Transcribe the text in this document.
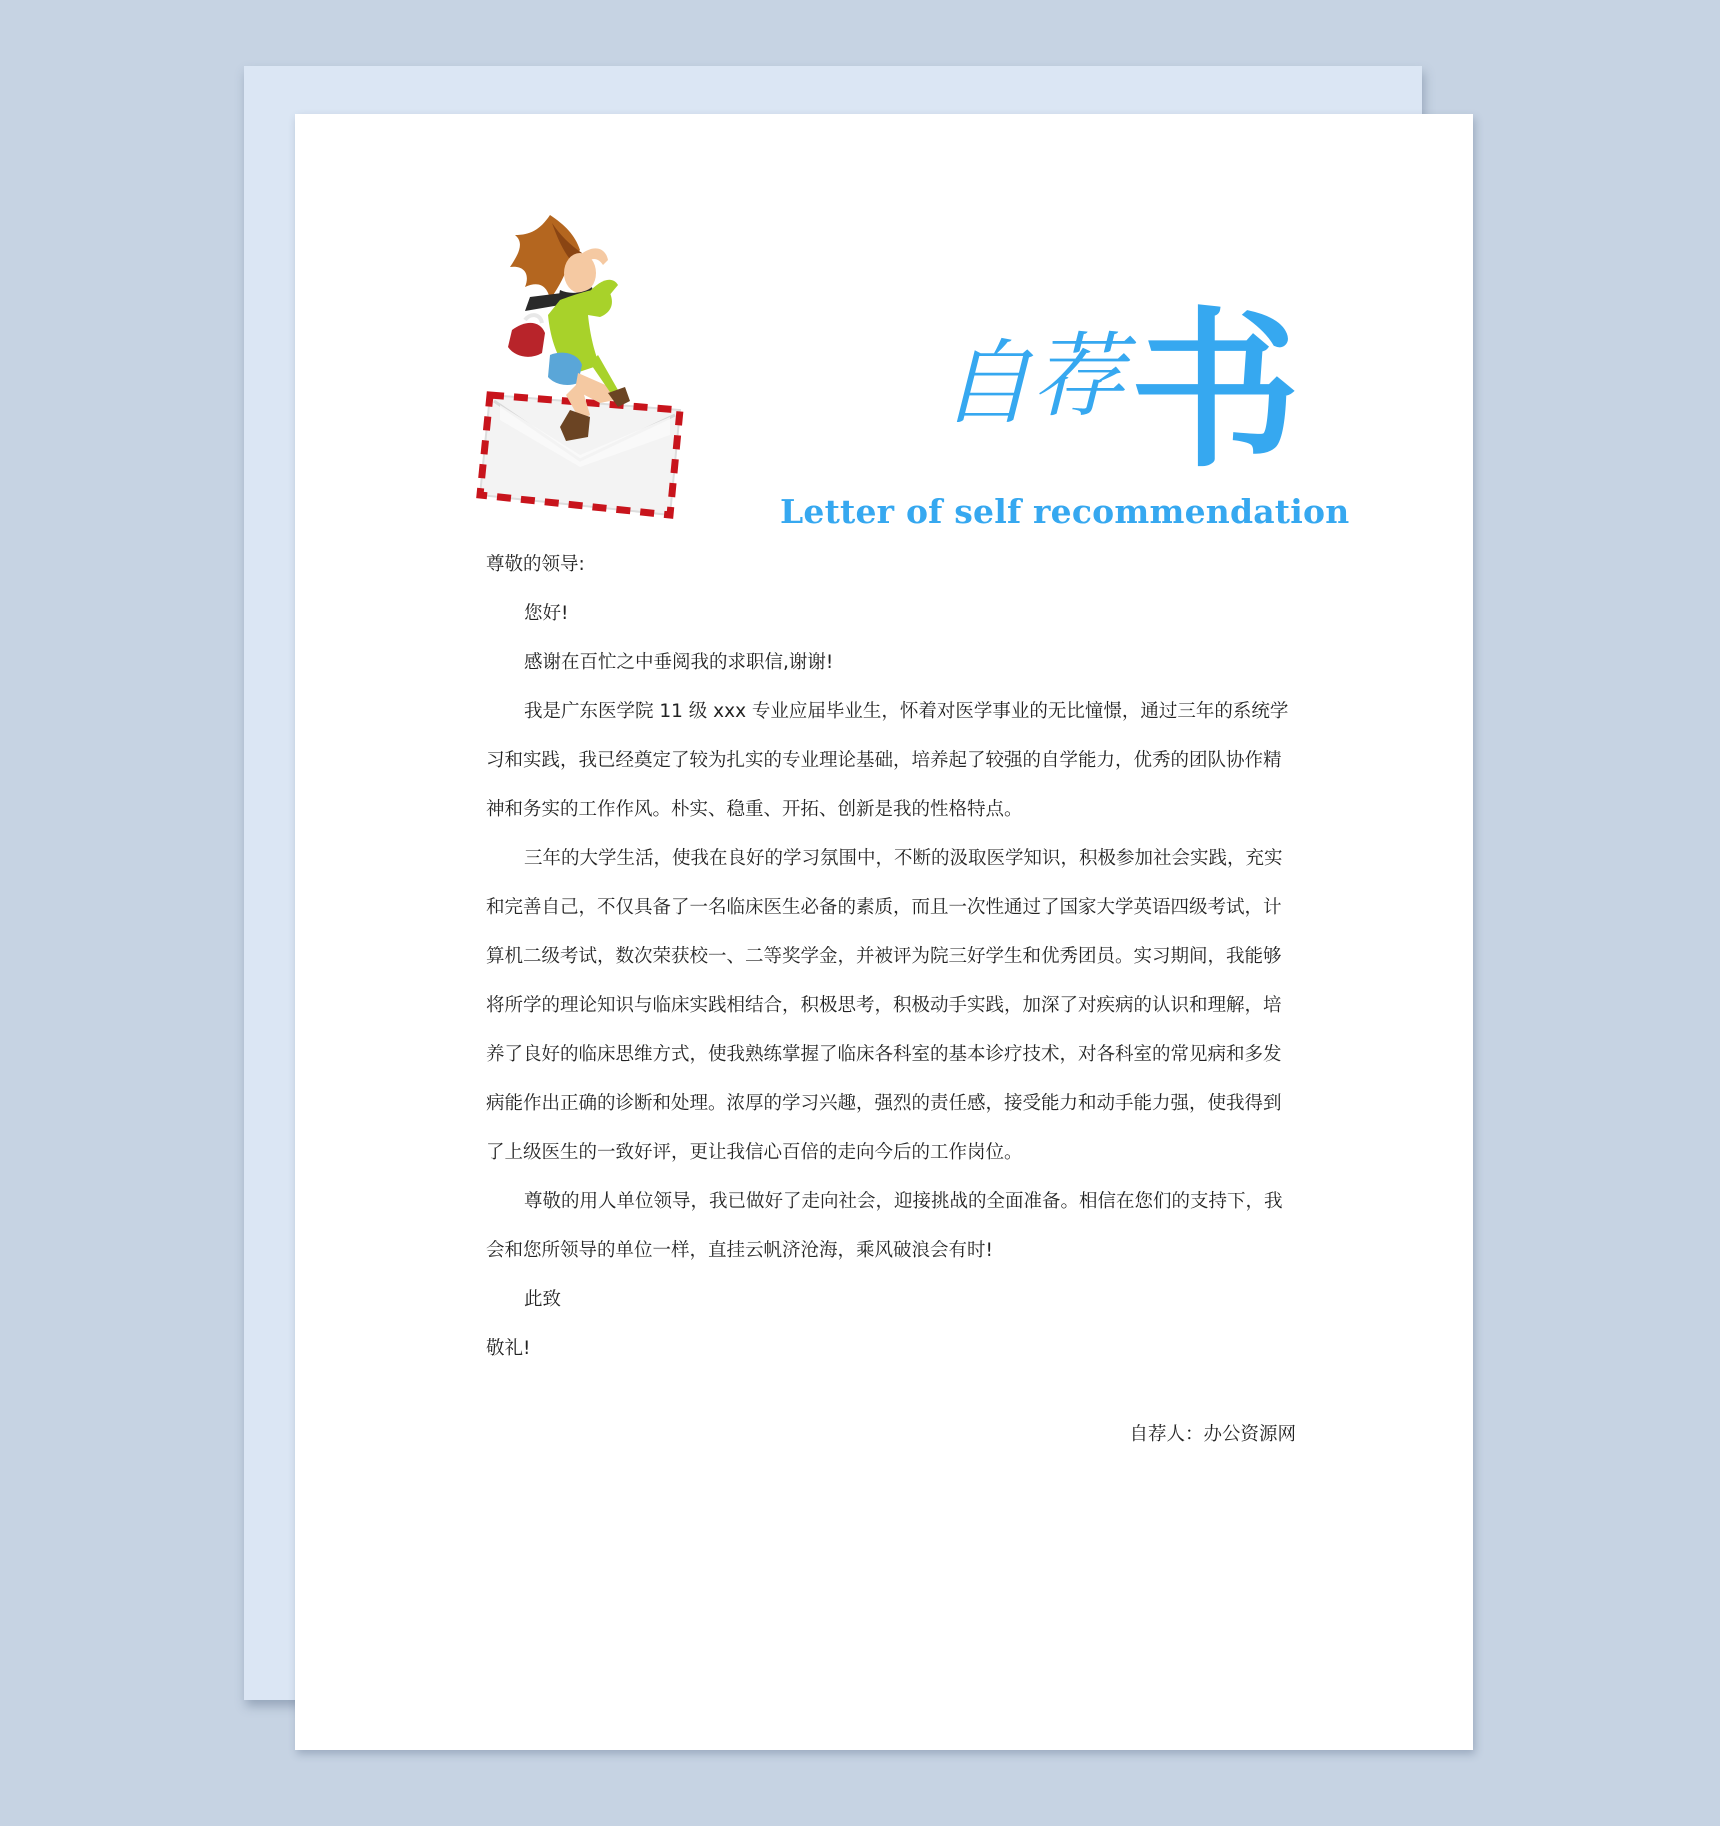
自 荐 书
Letter of self recommendation

尊敬的领导:

您好!

感谢在百忙之中垂阅我的求职信,谢谢!

我是广东医学院 11 级 xxx 专业应届毕业生，怀着对医学事业的无比憧憬，通过三年的系统学习和实践，我已经奠定了较为扎实的专业理论基础，培养起了较强的自学能力，优秀的团队协作精神和务实的工作作风。朴实、稳重、开拓、创新是我的性格特点。

三年的大学生活，使我在良好的学习氛围中，不断的汲取医学知识，积极参加社会实践，充实和完善自己，不仅具备了一名临床医生必备的素质，而且一次性通过了国家大学英语四级考试，计算机二级考试，数次荣获校一、二等奖学金，并被评为院三好学生和优秀团员。实习期间，我能够将所学的理论知识与临床实践相结合，积极思考，积极动手实践，加深了对疾病的认识和理解，培养了良好的临床思维方式，使我熟练掌握了临床各科室的基本诊疗技术，对各科室的常见病和多发病能作出正确的诊断和处理。浓厚的学习兴趣，强烈的责任感，接受能力和动手能力强，使我得到了上级医生的一致好评，更让我信心百倍的走向今后的工作岗位。

尊敬的用人单位领导，我已做好了走向社会，迎接挑战的全面准备。相信在您们的支持下，我会和您所领导的单位一样，直挂云帆济沧海，乘风破浪会有时!

此致

敬礼!

自荐人：办公资源网
